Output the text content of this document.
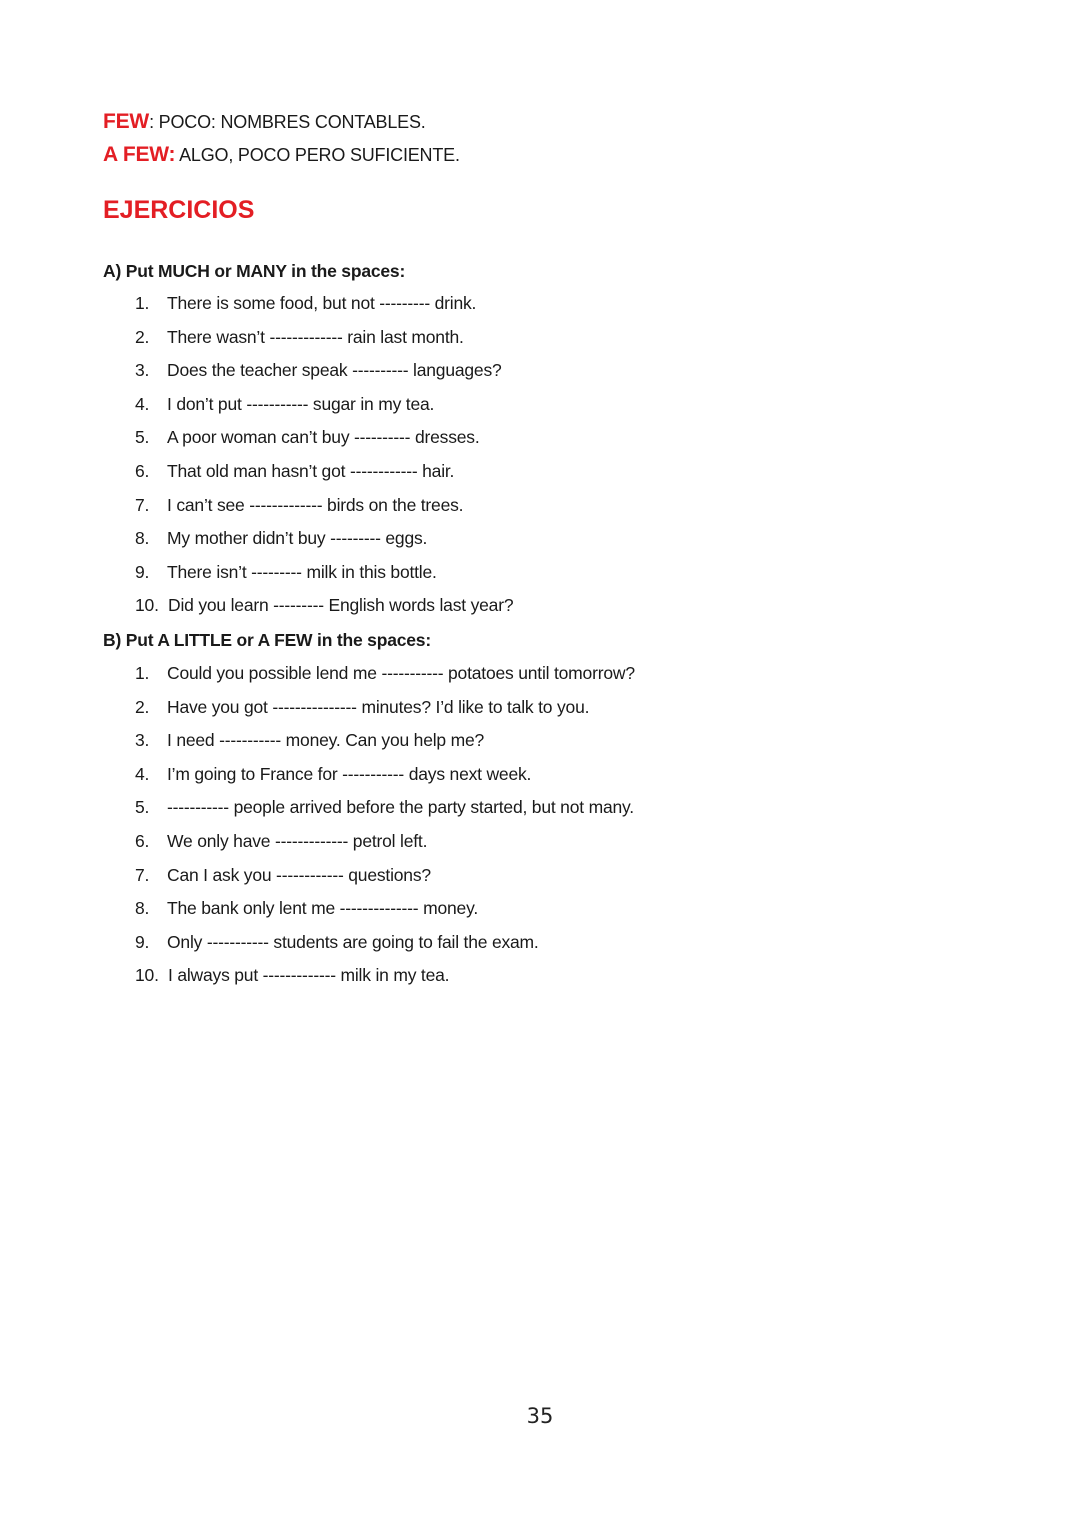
FEW: POCO: NOMBRES CONTABLES.
A FEW: ALGO, POCO PERO SUFICIENTE.
EJERCICIOS
A) Put MUCH or MANY in the spaces:
1.	There is some food, but not --------- drink.
2.	There wasn’t ------------- rain last month.
3.	Does the teacher speak ---------- languages?
4.	I don’t put ----------- sugar in my tea.
5.	A poor woman can’t buy ---------- dresses.
6.	That old man hasn’t got ------------ hair.
7.	I can’t see ------------- birds on the trees.
8.	My mother didn’t buy --------- eggs.
9.	There isn’t --------- milk in this bottle.
10. Did you learn --------- English words last year?
B) Put A LITTLE or A FEW in the spaces:
1.	Could you possible lend me ----------- potatoes until tomorrow?
2.	Have you got --------------- minutes? I’d like to talk to you.
3.	I need ----------- money. Can you help me?
4.	I’m going to France for ----------- days next week.
5.	----------- people arrived before the party started, but not many.
6.	We only have ------------- petrol left.
7.	Can I ask you ------------ questions?
8.	The bank only lent me -------------- money.
9.	Only ----------- students are going to fail the exam.
10. I always put ------------- milk in my tea.
35
